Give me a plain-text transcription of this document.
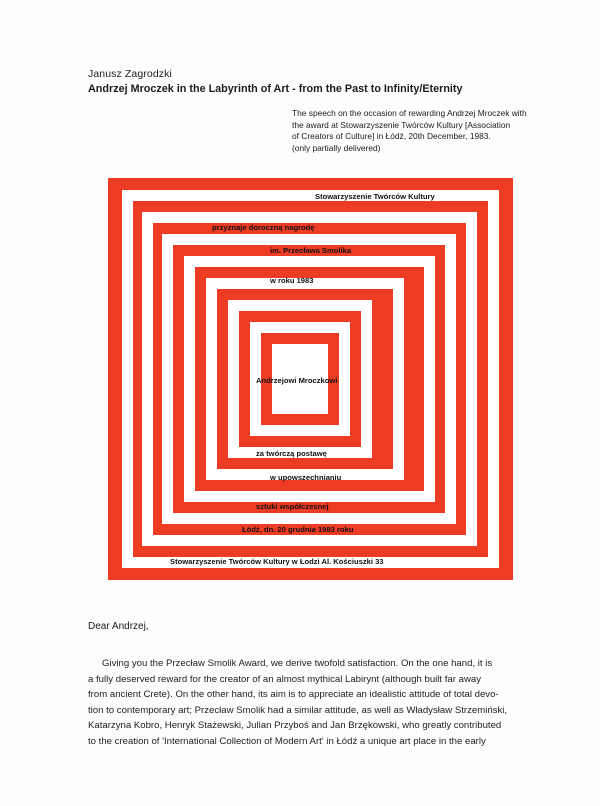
Janusz Zagrodzki
Andrzej Mroczek in the Labyrinth of Art - from the Past to Infinity/Eternity
The speech on the occasion of rewarding Andrzej Mroczek with
the award at Stowarzyszenie Twórców Kultury [Association
of Creators of Culture] in Łódź, 20th December, 1983.
(only partially delivered)
Stowarzyszenie Twórców Kultury
przyznaje doroczną nagrodę
im. Przecława Smolika
w roku 1983
Andrzejowi Mroczkowi
za twórczą postawę
w upowszechnianiu
sztuki współczesnej
Łódź, dn. 20 grudnia 1983 roku
Stowarzyszenie Twórców Kultury w Łodzi Al. Kościuszki 33
Dear Andrzej,
Giving you the Przecław Smolik Award, we derive twofold satisfaction. On the one hand, it is
a fully deserved reward for the creator of an almost mythical Labirynt (although built far away
from ancient Crete). On the other hand, its aim is to appreciate an idealistic attitude of total devo-
tion to contemporary art; Przecław Smolik had a similar attitude, as well as Władysław Strzemiński,
Katarzyna Kobro, Henryk Stażewski, Julian Przyboś and Jan Brzękowski, who greatly contributed
to the creation of 'International Collection of Modern Art' in Łódź a unique art place in the early
